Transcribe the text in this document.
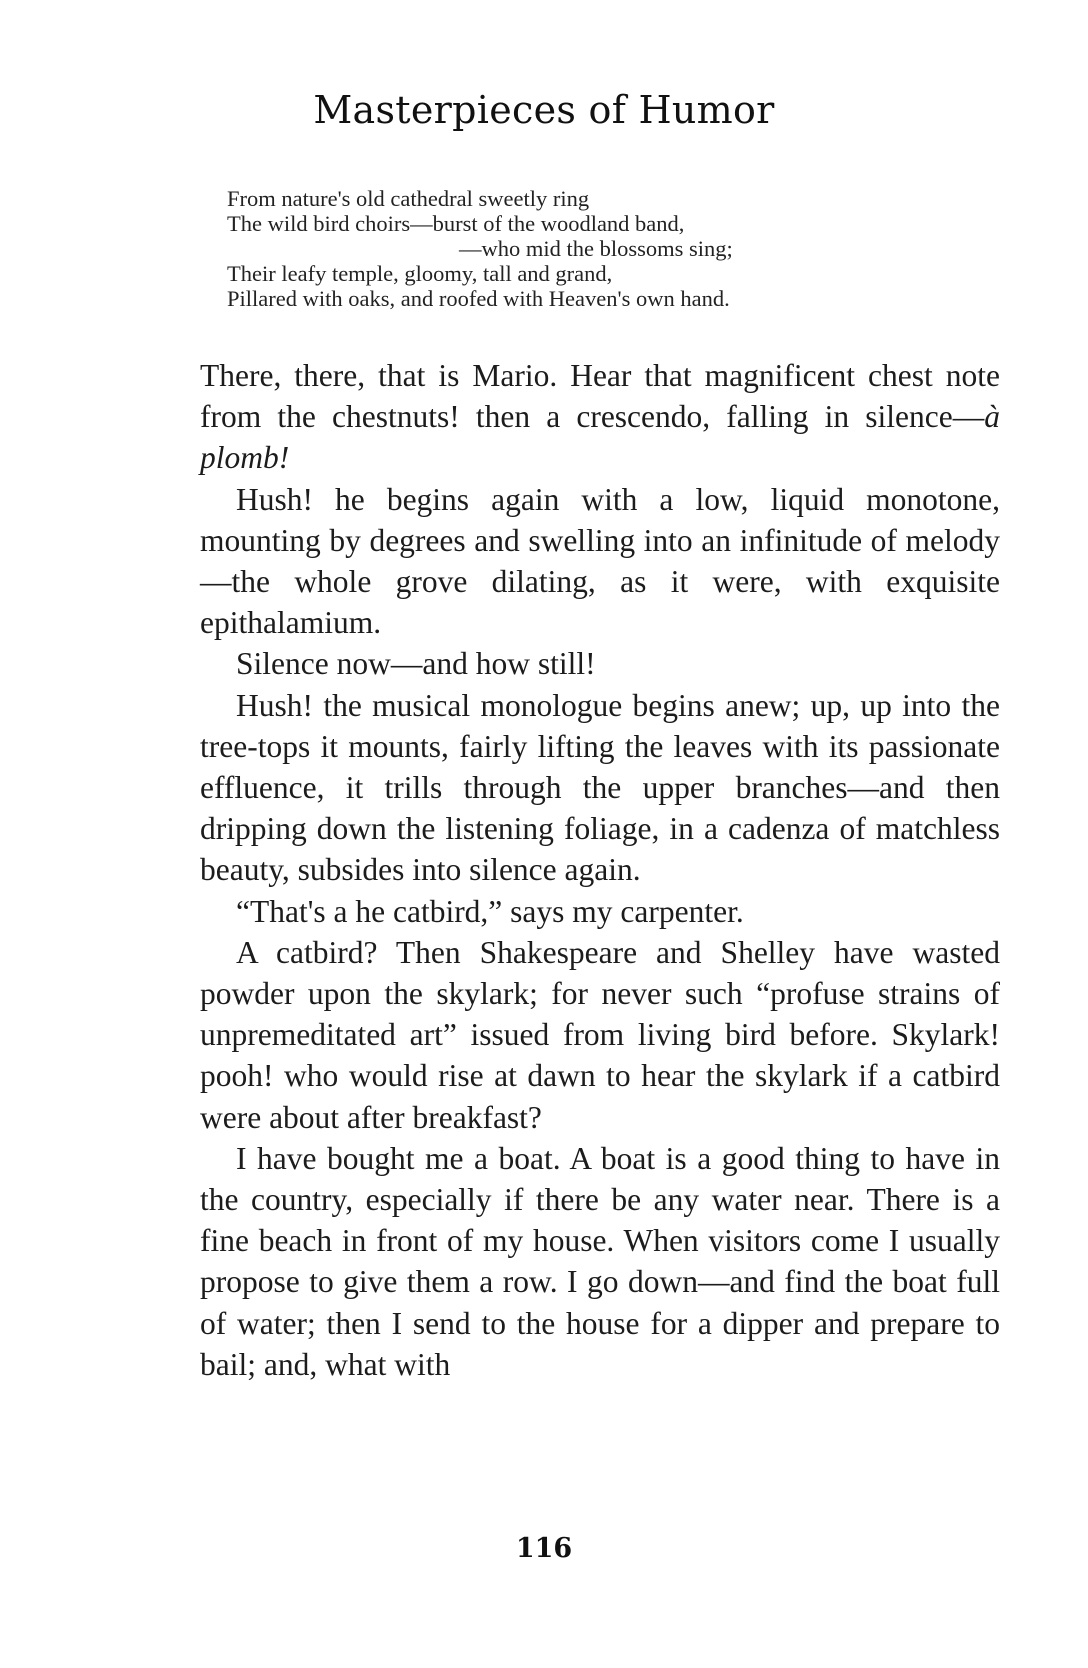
Masterpieces of Humor
From nature's old cathedral sweetly ring
The wild bird choirs—burst of the woodland band,
—who mid the blossoms sing;
Their leafy temple, gloomy, tall and grand,
Pillared with oaks, and roofed with Heaven's own hand.

There, there, that is Mario. Hear that magnificent chest note from the chestnuts! then a crescendo, falling in silence—à plomb!

Hush! he begins again with a low, liquid monotone, mounting by degrees and swelling into an infinitude of melody—the whole grove dilating, as it were, with exquisite epithalamium.

Silence now—and how still!

Hush! the musical monologue begins anew; up, up into the tree-tops it mounts, fairly lifting the leaves with its passionate effluence, it trills through the upper branches—and then dripping down the listening foliage, in a cadenza of matchless beauty, subsides into silence again.

“That's a he catbird,” says my carpenter.

A catbird? Then Shakespeare and Shelley have wasted powder upon the skylark; for never such “profuse strains of unpremeditated art” issued from living bird before. Skylark! pooh! who would rise at dawn to hear the skylark if a catbird were about after breakfast?

I have bought me a boat. A boat is a good thing to have in the country, especially if there be any water near. There is a fine beach in front of my house. When visitors come I usually propose to give them a row. I go down—and find the boat full of water; then I send to the house for a dipper and prepare to bail; and, what with

116
